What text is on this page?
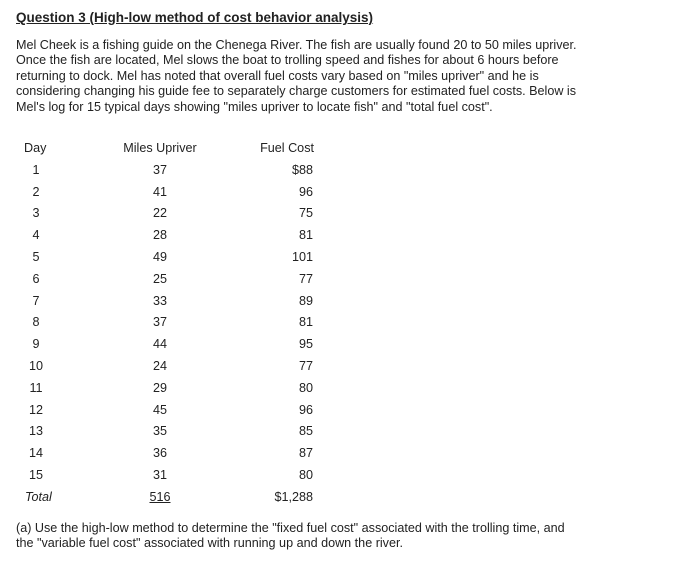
Question 3 (High-low method of cost behavior analysis)

Mel Cheek is a fishing guide on the Chenega River. The fish are usually found 20 to 50 miles upriver.
Once the fish are located, Mel slows the boat to trolling speed and fishes for about 6 hours before
returning to dock. Mel has noted that overall fuel costs vary based on "miles upriver" and he is
considering changing his guide fee to separately charge customers for estimated fuel costs. Below is
Mel's log for 15 typical days showing "miles upriver to locate fish" and "total fuel cost".

Day	Miles Upriver	Fuel Cost
1	37	$88
2	41	96
3	22	75
4	28	81
5	49	101
6	25	77
7	33	89
8	37	81
9	44	95
10	24	77
11	29	80
12	45	96
13	35	85
14	36	87
15	31	80
Total	516	$1,288

(a) Use the high-low method to determine the "fixed fuel cost" associated with the trolling time, and
the "variable fuel cost" associated with running up and down the river.
